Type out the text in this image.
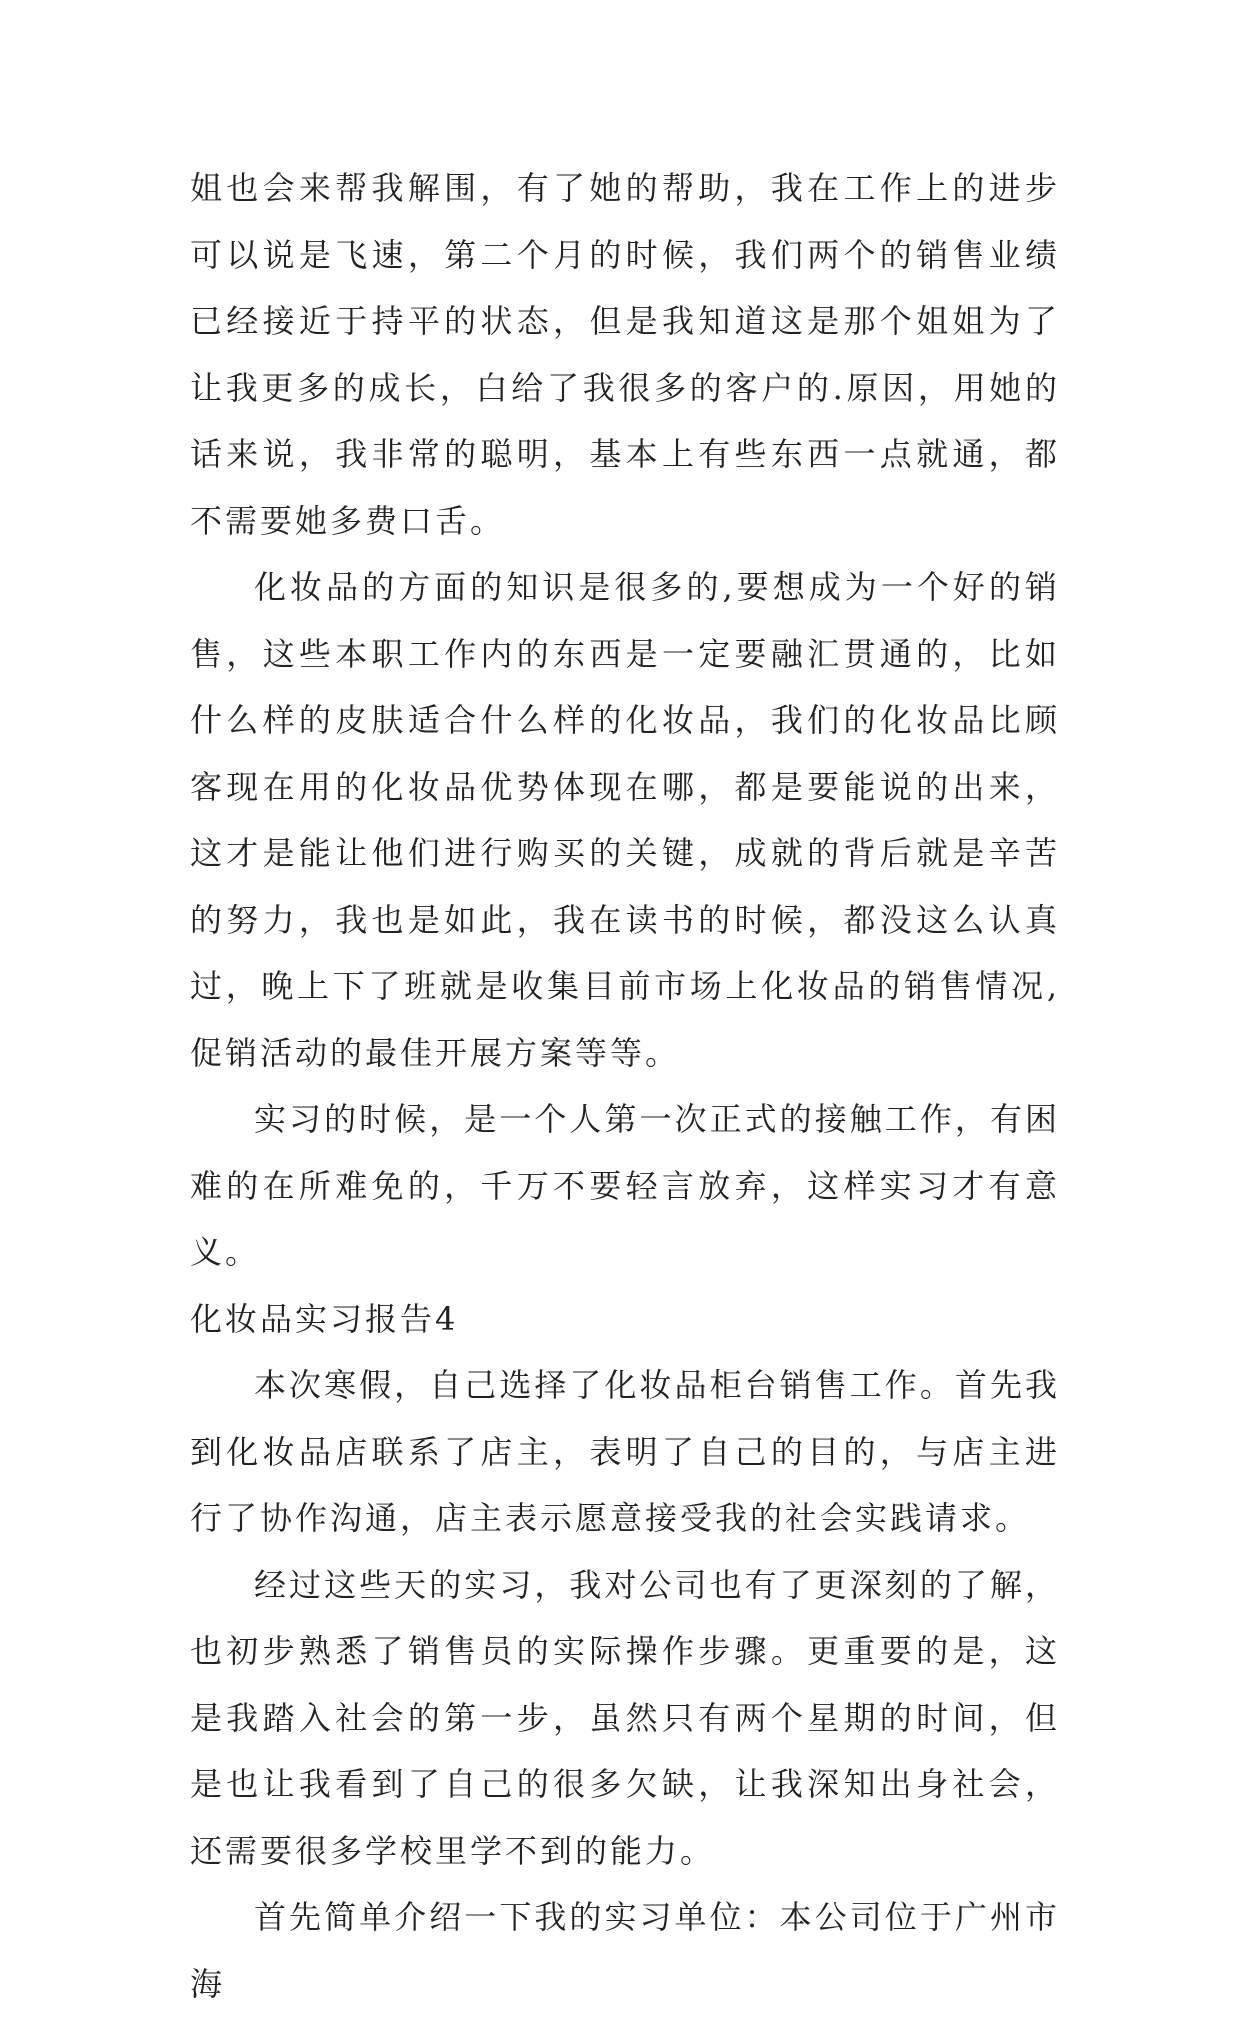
姐也会来帮我解围，有了她的帮助，我在工作上的进步可以说是飞速，第二个月的时候，我们两个的销售业绩已经接近于持平的状态，但是我知道这是那个姐姐为了让我更多的成长，白给了我很多的客户的.原因，用她的话来说，我非常的聪明，基本上有些东西一点就通，都不需要她多费口舌。

化妆品的方面的知识是很多的,要想成为一个好的销售，这些本职工作内的东西是一定要融汇贯通的，比如什么样的皮肤适合什么样的化妆品，我们的化妆品比顾客现在用的化妆品优势体现在哪，都是要能说的出来，这才是能让他们进行购买的关键，成就的背后就是辛苦的努力，我也是如此，我在读书的时候，都没这么认真过，晚上下了班就是收集目前市场上化妆品的销售情况,促销活动的最佳开展方案等等。

实习的时候，是一个人第一次正式的接触工作，有困难的在所难免的，千万不要轻言放弃，这样实习才有意义。

化妆品实习报告4

本次寒假，自己选择了化妆品柜台销售工作。首先我到化妆品店联系了店主，表明了自己的目的，与店主进行了协作沟通，店主表示愿意接受我的社会实践请求。

经过这些天的实习，我对公司也有了更深刻的了解，也初步熟悉了销售员的实际操作步骤。更重要的是，这是我踏入社会的第一步，虽然只有两个星期的时间，但是也让我看到了自己的很多欠缺，让我深知出身社会，还需要很多学校里学不到的能力。

首先简单介绍一下我的实习单位：本公司位于广州市海
